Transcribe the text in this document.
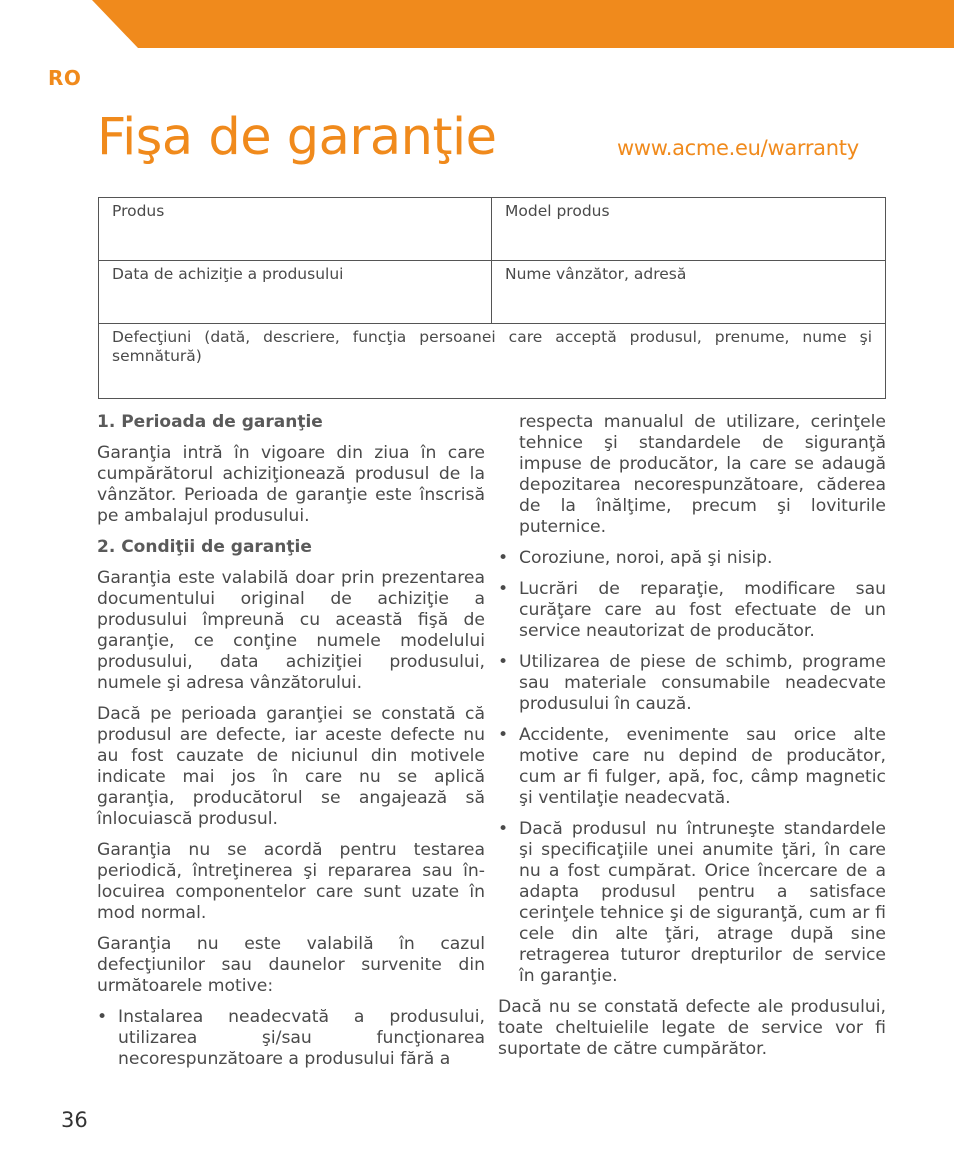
RO
Fişa de garanţie	www.acme.eu/warranty
Produs	Model produs
Data de achiziţie a produsului	Nume vânzător, adresă
Defecţiuni (dată, descriere, funcţia persoanei care acceptă produsul, prenume, nume şi semnătură)
1. Perioada de garanţie

Garanţia intră în vigoare din ziua în care cumpărătorul achiziţionează produsul de la vânzător. Perioada de garanţie este înscrisă pe ambalajul produsului.

2. Condiţii de garanţie

Garanţia este valabilă doar prin prezentarea documentului original de achiziţie a produsului împreună cu această fişă de garanţie, ce conţine numele modelului produsului, data achiziţiei produsului, numele şi adresa vânzătorului.

Dacă pe perioada garanţiei se constată că produsul are defecte, iar aceste defecte nu au fost cauzate de niciunul din motivele indicate mai jos în care nu se aplică garanţia, producătorul se angajează să înlocuiască produsul.

Garanţia nu se acordă pentru testarea periodică, întreţinerea şi repararea sau în-locuirea componentelor care sunt uzate în mod normal.

Garanţia nu este valabilă în cazul defecţiunilor sau daunelor survenite din următoarele motive:

• Instalarea neadecvată a produsului, utilizarea şi/sau funcţionarea necorespunzătoare a produsului fără a
respecta manualul de utilizare, cerinţele tehnice şi standardele de siguranţă impuse de producător, la care se adaugă depozitarea necorespunzătoare, căderea de la înălţime, precum şi loviturile puternice.
• Coroziune, noroi, apă şi nisip.
• Lucrări de reparaţie, modificare sau curăţare care au fost efectuate de un service neautorizat de producător.
• Utilizarea de piese de schimb, programe sau materiale consumabile neadecvate produsului în cauză.
• Accidente, evenimente sau orice alte motive care nu depind de producător, cum ar fi fulger, apă, foc, câmp magnetic şi ventilaţie neadecvată.
• Dacă produsul nu întruneşte standardele şi specificaţiile unei anumite ţări, în care nu a fost cumpărat. Orice încercare de a adapta produsul pentru a satisface cerinţele tehnice şi de siguranţă, cum ar fi cele din alte ţări, atrage după sine retragerea tuturor drepturilor de service în garanţie.

Dacă nu se constată defecte ale produsului, toate cheltuielile legate de service vor fi suportate de către cumpărător.

36
